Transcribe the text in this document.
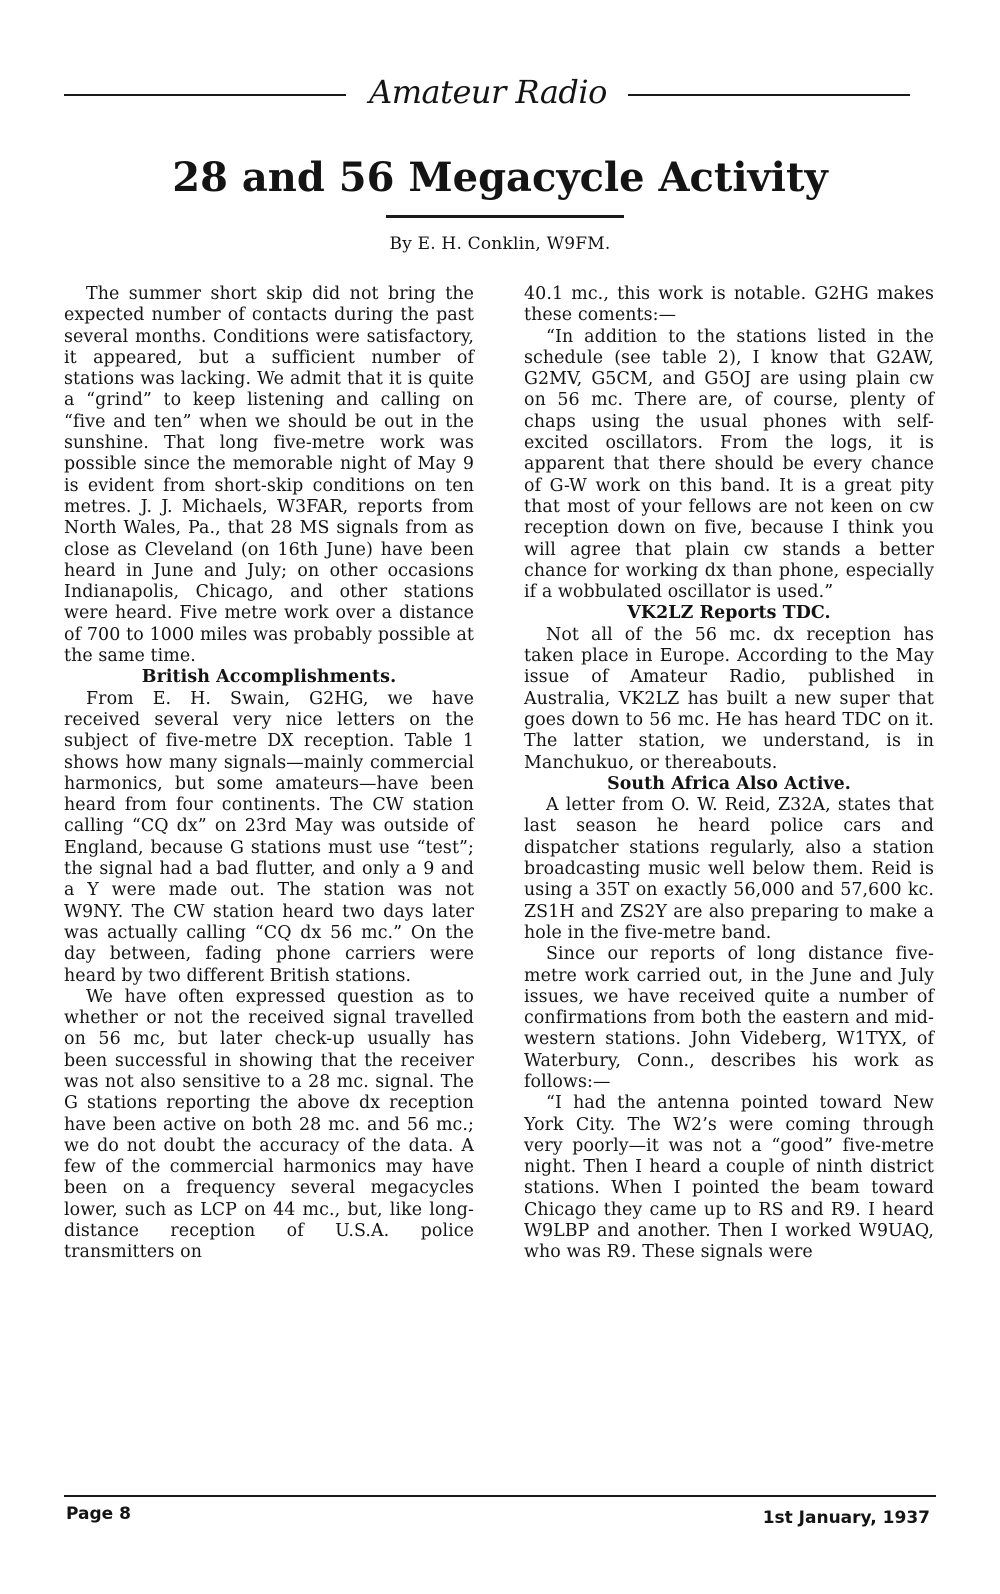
Amateur Radio
28 and 56 Megacycle Activity
By E. H. Conklin, W9FM.

The summer short skip did not bring the expected number of contacts during the past several months. Conditions were satisfactory, it appeared, but a sufficient number of stations was lacking. We admit that it is quite a “grind” to keep listening and calling on “five and ten” when we should be out in the sunshine. That long five-metre work was possible since the memorable night of May 9 is evident from short-skip conditions on ten metres. J. J. Michaels, W3FAR, reports from North Wales, Pa., that 28 MS signals from as close as Cleveland (on 16th June) have been heard in June and July; on other occasions Indianapolis, Chicago, and other stations were heard. Five metre work over a distance of 700 to 1000 miles was probably possible at the same time.

British Accomplishments.

From E. H. Swain, G2HG, we have received several very nice letters on the subject of five-metre DX reception. Table 1 shows how many signals—mainly commercial harmonics, but some amateurs—have been heard from four continents. The CW station calling “CQ dx” on 23rd May was outside of England, because G stations must use “test”; the signal had a bad flutter, and only a 9 and a Y were made out. The station was not W9NY. The CW station heard two days later was actually calling “CQ dx 56 mc.” On the day between, fading phone carriers were heard by two different British stations.

We have often expressed question as to whether or not the received signal travelled on 56 mc, but later check-up usually has been successful in showing that the receiver was not also sensitive to a 28 mc. signal. The G stations reporting the above dx reception have been active on both 28 mc. and 56 mc.; we do not doubt the accuracy of the data. A few of the commercial harmonics may have been on a frequency several megacycles lower, such as LCP on 44 mc., but, like long-distance reception of U.S.A. police transmitters on

40.1 mc., this work is notable. G2HG makes these coments:—

“In addition to the stations listed in the schedule (see table 2), I know that G2AW, G2MV, G5CM, and G5OJ are using plain cw on 56 mc. There are, of course, plenty of chaps using the usual phones with self-excited oscillators. From the logs, it is apparent that there should be every chance of G-W work on this band. It is a great pity that most of your fellows are not keen on cw reception down on five, because I think you will agree that plain cw stands a better chance for working dx than phone, especially if a wobbulated oscillator is used.”

VK2LZ Reports TDC.

Not all of the 56 mc. dx reception has taken place in Europe. According to the May issue of Amateur Radio, published in Australia, VK2LZ has built a new super that goes down to 56 mc. He has heard TDC on it. The latter station, we understand, is in Manchukuo, or thereabouts.

South Africa Also Active.

A letter from O. W. Reid, Z32A, states that last season he heard police cars and dispatcher stations regularly, also a station broadcasting music well below them. Reid is using a 35T on exactly 56,000 and 57,600 kc. ZS1H and ZS2Y are also preparing to make a hole in the five-metre band.

Since our reports of long distance five-metre work carried out, in the June and July issues, we have received quite a number of confirmations from both the eastern and mid-western stations. John Videberg, W1TYX, of Waterbury, Conn., describes his work as follows:—

“I had the antenna pointed toward New York City. The W2’s were coming through very poorly—it was not a “good” five-metre night. Then I heard a couple of ninth district stations. When I pointed the beam toward Chicago they came up to RS and R9. I heard W9LBP and another. Then I worked W9UAQ, who was R9. These signals were

Page 8	1st January, 1937
